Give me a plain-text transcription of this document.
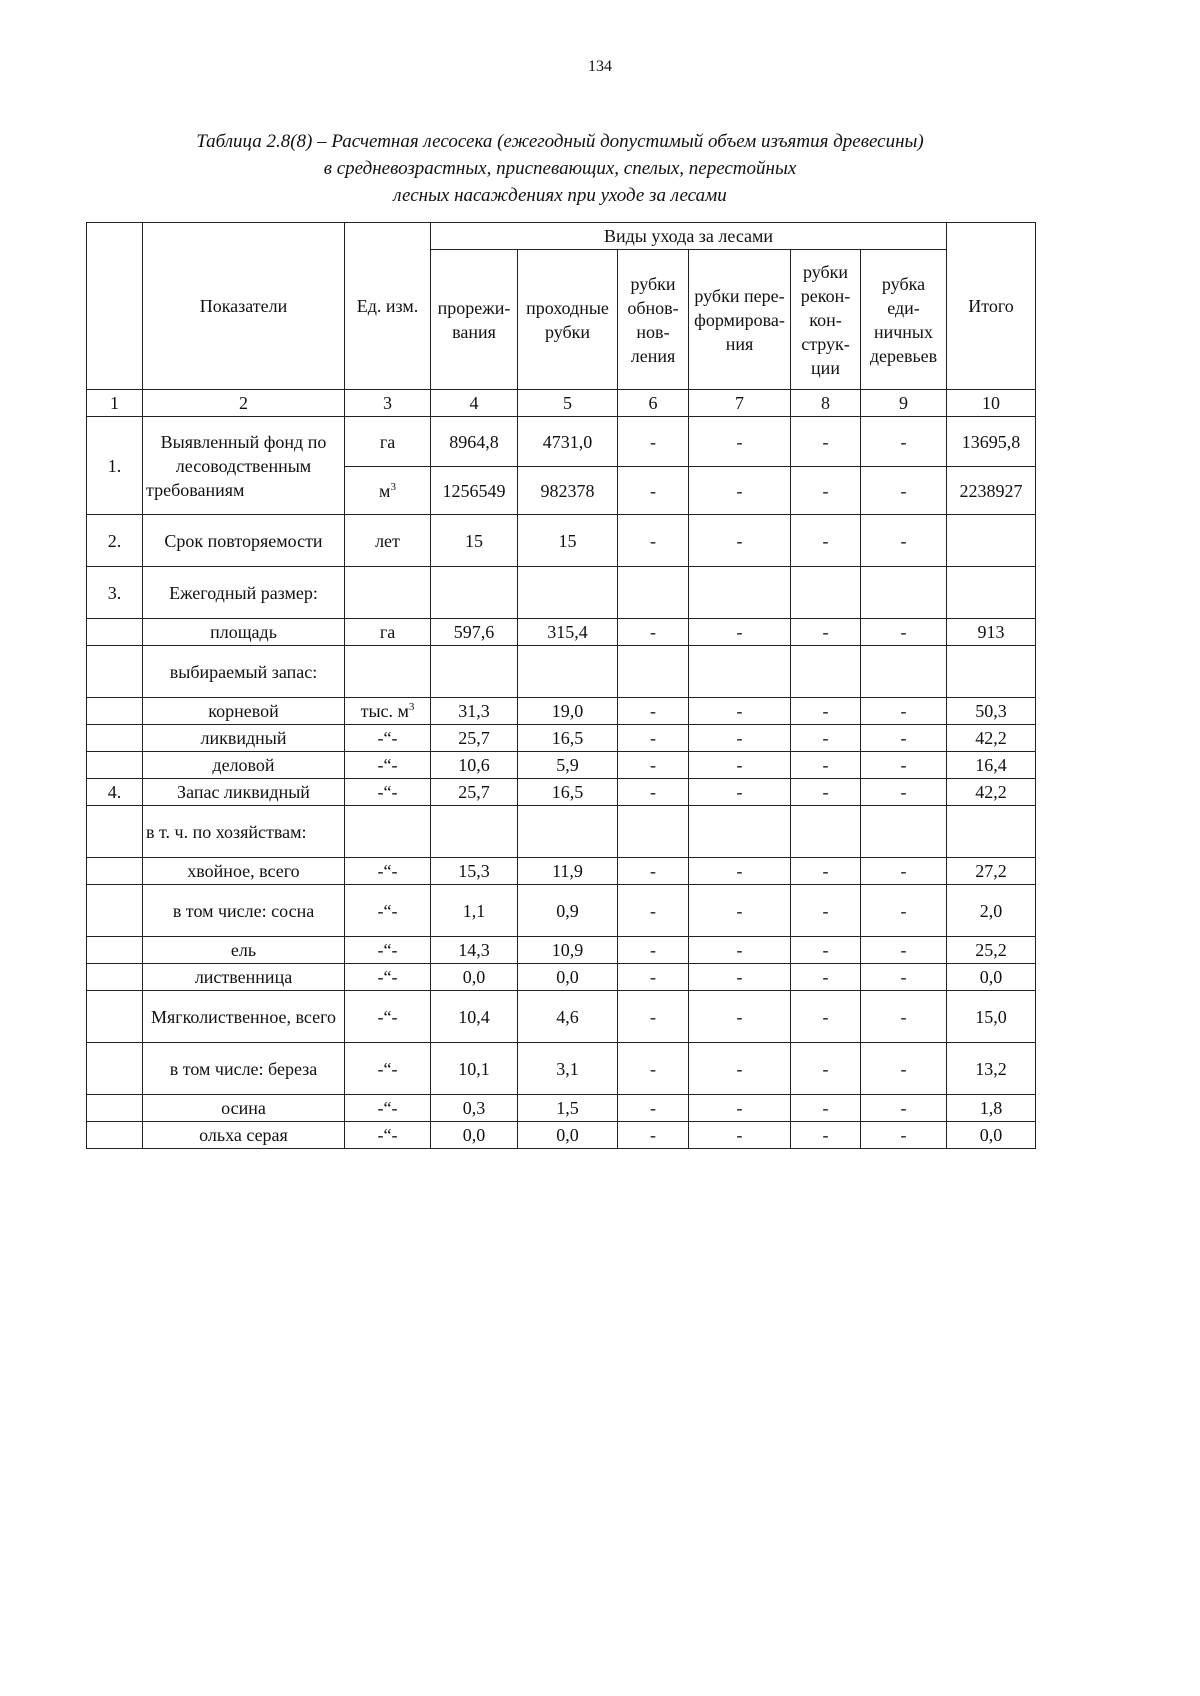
134
Таблица 2.8(8) – Расчетная лесосека (ежегодный допустимый объем изъятия древесины)
в средневозрастных, приспевающих, спелых, перестойных
лесных насаждениях при уходе за лесами
	Показатели	Ед. изм.	Виды ухода за лесами						Итого
			прореживания	проходные рубки	рубки обновновления	рубки переформирования	рубки реконконструкции	рубка единичных деревьев	
1	2	3	4	5	6	7	8	9	10
1.	Выявленный фонд по лесоводственным требованиям	га	8964,8	4731,0	-	-	-	-	13695,8
		$м^3$	1256549	982378	-	-	-	-	2238927
2.	Срок повторяемости	лет	15	15	-	-	-	-	
3.	Ежегодный размер:								
	площадь	га	597,6	315,4	-	-	-	-	913
	выбираемый запас:								
	корневой	тыс. $м^3$	31,3	19,0	-	-	-	-	50,3
	ликвидный	-“-	25,7	16,5	-	-	-	-	42,2
	деловой	-“-	10,6	5,9	-	-	-	-	16,4
4.	Запас ликвидный	-“-	25,7	16,5	-	-	-	-	42,2
	в т. ч. по хозяйствам:								
	хвойное, всего	-“-	15,3	11,9	-	-	-	-	27,2
	в том числе: сосна	-“-	1,1	0,9	-	-	-	-	2,0
	ель	-“-	14,3	10,9	-	-	-	-	25,2
	лиственница	-“-	0,0	0,0	-	-	-	-	0,0
	Мягколиственное, всего	-“-	10,4	4,6	-	-	-	-	15,0
	в том числе: береза	-“-	10,1	3,1	-	-	-	-	13,2
	осина	-“-	0,3	1,5	-	-	-	-	1,8
	ольха серая	-“-	0,0	0,0	-	-	-	-	0,0
